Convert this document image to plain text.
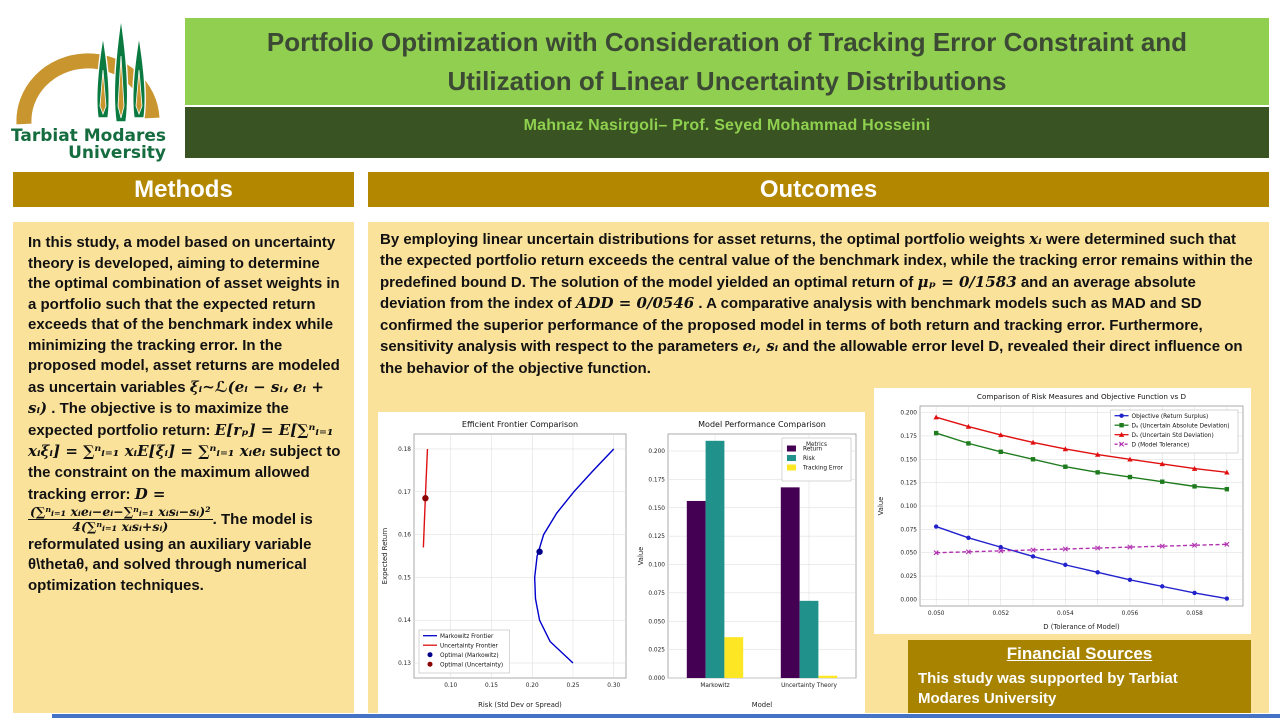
Tarbiat Modares
University
Portfolio Optimization with Consideration of Tracking Error Constraint and
Utilization of Linear Uncertainty Distributions
Mahnaz Nasirgoli– Prof. Seyed Mohammad Hosseini
Methods
In this study, a model based on uncertainty theory is developed, aiming to determine the optimal combination of asset weights in a portfolio such that the expected return exceeds that of the benchmark index while minimizing the tracking error. In the proposed model, asset returns are modeled as uncertain variables ξᵢ~ℒ(eᵢ − sᵢ، eᵢ + sᵢ) . The objective is to maximize the expected portfolio return: E[rₚ] = E[∑ⁿᵢ₌₁ xᵢξᵢ] = ∑ⁿᵢ₌₁ xᵢE[ξᵢ] = ∑ⁿᵢ₌₁ xᵢeᵢ subject to the constraint on the maximum allowed tracking error: D =
$\frac{\text{(∑ⁿᵢ₌₁ xᵢeᵢ−eᵢ−∑ⁿᵢ₌₁ xᵢsᵢ−sᵢ)²}}{\text{4(∑ⁿᵢ₌₁ xᵢsᵢ+sᵢ)}}$ . The model is reformulated using an auxiliary variable θ\thetaθ, and solved through numerical optimization techniques.
Outcomes
By employing linear uncertain distributions for asset returns, the optimal portfolio weights xᵢ were determined such that the expected portfolio return exceeds the central value of the benchmark index, while the tracking error remains within the predefined bound D. The solution of the model yielded an optimal return of μₚ = 0/1583 and an average absolute deviation from the index of ADD = 0/0546 . A comparative analysis with benchmark models such as MAD and SD confirmed the superior performance of the proposed model in terms of both return and tracking error. Furthermore, sensitivity analysis with respect to the parameters eᵢ, sᵢ and the allowable error level D, revealed their direct influence on the behavior of the objective function.
0.13
0.14
0.15
0.16
0.17
0.18
0.10	0.15	0.20	0.25	0.30
Efficient Frontier Comparison
Risk (Std Dev or Spread)
Expected Return
Markowitz Frontier
Uncertainty Frontier
Optimal (Markowitz)
Optimal (Uncertainty)
0.000
0.025
0.050
0.075
0.100
0.125
0.150
0.175
0.200
Markowitz	Uncertainty Theory
Model Performance Comparison
Model
Value
Metrics
Return
Risk
Tracking Error
0.000
0.025
0.050
0.075
0.100
0.125
0.150
0.175
0.200
0.050	0.052	0.054	0.056	0.058
Comparison of Risk Measures and Objective Function vs D
D (Tolerance of Model)
Value
Objective (Return Surplus)
Dₐ (Uncertain Absolute Deviation)
Dₛ (Uncertain Std Deviation)
D (Model Tolerance)
Financial Sources
This study was supported by Tarbiat Modares University
